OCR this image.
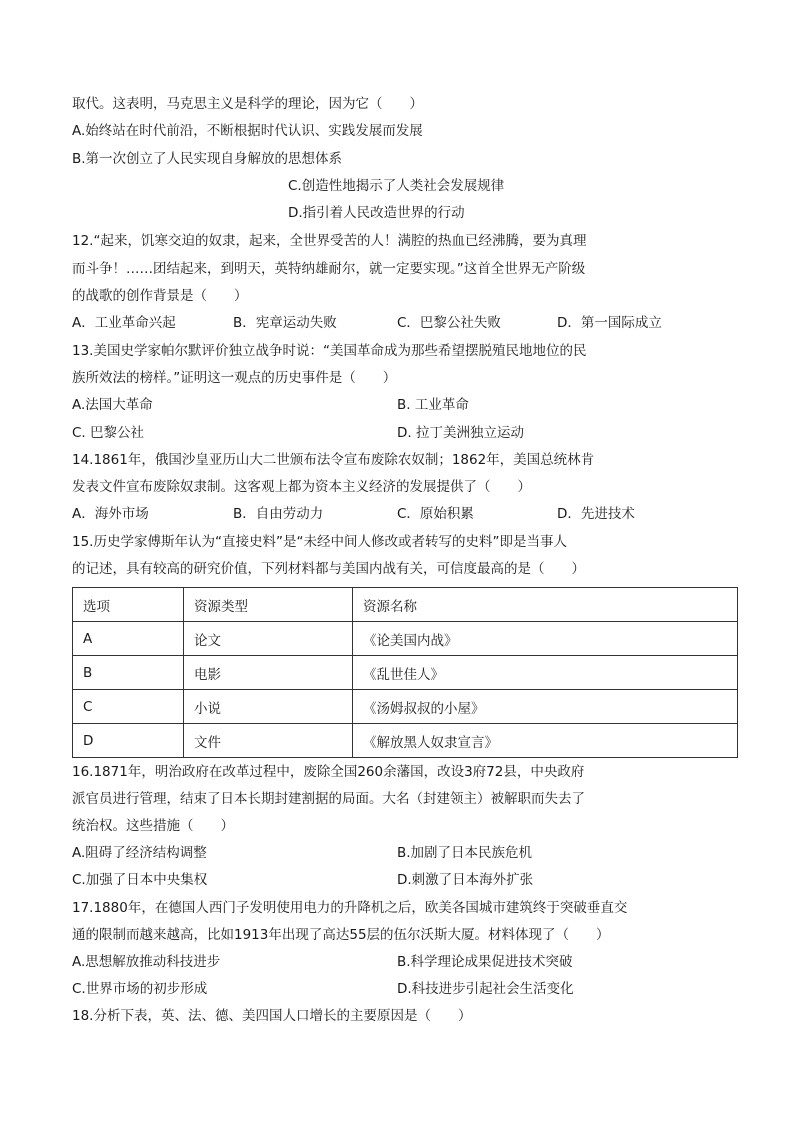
取代。这表明，马克思主义是科学的理论，因为它（　　）
A.始终站在时代前沿，不断根据时代认识、实践发展而发展
B.第一次创立了人民实现自身解放的思想体系
C.创造性地揭示了人类社会发展规律
D.指引着人民改造世界的行动
12.“起来，饥寒交迫的奴隶，起来，全世界受苦的人！满腔的热血已经沸腾，要为真理
而斗争！……团结起来，到明天，英特纳雄耐尔，就一定要实现。”这首全世界无产阶级
的战歌的创作背景是（　　）
A．工业革命兴起	B．宪章运动失败	C．巴黎公社失败	D．第一国际成立
13.美国史学家帕尔默评价独立战争时说：“美国革命成为那些希望摆脱殖民地地位的民
族所效法的榜样。”证明这一观点的历史事件是（　　）
A.法国大革命	B. 工业革命
C. 巴黎公社	D. 拉丁美洲独立运动
14.1861年，俄国沙皇亚历山大二世颁布法令宣布废除农奴制；1862年，美国总统林肯
发表文件宣布废除奴隶制。这客观上都为资本主义经济的发展提供了（　　）
A．海外市场	B．自由劳动力	C．原始积累	D．先进技术
15.历史学家傅斯年认为“直接史料”是“未经中间人修改或者转写的史料”即是当事人
的记述，具有较高的研究价值，下列材料都与美国内战有关，可信度最高的是（　　）
选项	资源类型	资源名称
A	论文	《论美国内战》
B	电影	《乱世佳人》
C	小说	《汤姆叔叔的小屋》
D	文件	《解放黑人奴隶宣言》
16.1871年，明治政府在改革过程中，废除全国260余藩国，改设3府72县，中央政府
派官员进行管理，结束了日本长期封建割据的局面。大名（封建领主）被解职而失去了
统治权。这些措施（　　）
A.阻碍了经济结构调整	B.加剧了日本民族危机
C.加强了日本中央集权	D.刺激了日本海外扩张
17.1880年，在德国人西门子发明使用电力的升降机之后，欧美各国城市建筑终于突破垂直交
通的限制而越来越高，比如1913年出现了高达55层的伍尔沃斯大厦。材料体现了（　　）
A.思想解放推动科技进步	B.科学理论成果促进技术突破
C.世界市场的初步形成	D.科技进步引起社会生活变化
18.分析下表，英、法、德、美四国人口增长的主要原因是（　　）
